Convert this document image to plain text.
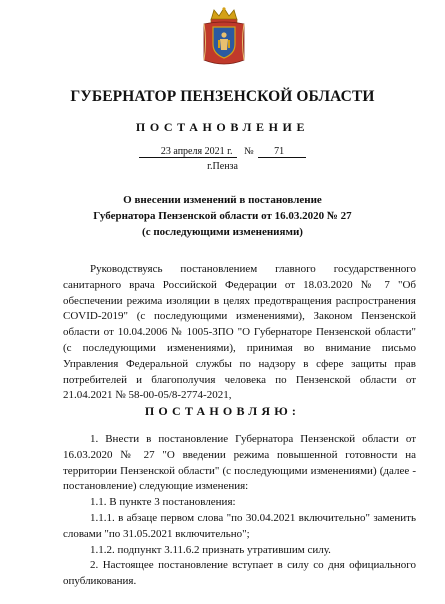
ГУБЕРНАТОР ПЕНЗЕНСКОЙ ОБЛАСТИ
ПОСТАНОВЛЕНИЕ
23 апреля 2021 г. № 71
г.Пенза
О внесении изменений в постановление
Губернатора Пензенской области от 16.03.2020 № 27
(с последующими изменениями)

Руководствуясь постановлением главного государственного санитарного врача Российской Федерации от 18.03.2020 № 7 "Об обеспечении режима изоляции в целях предотвращения распространения COVID-2019" (с последующими изменениями), Законом Пензенской области от 10.04.2006 № 1005-ЗПО "О Губернаторе Пензенской области" (с последующими изменениями), принимая во внимание письмо Управления Федеральной службы по надзору в сфере защиты прав потребителей и благополучия человека по Пензенской области от 21.04.2021 № 58-00-05/8-2774-2021,

ПОСТАНОВЛЯЮ:

1. Внести в постановление Губернатора Пензенской области от 16.03.2020 № 27 "О введении режима повышенной готовности на территории Пензенской области" (с последующими изменениями) (далее - постановление) следующие изменения:

1.1. В пункте 3 постановления:

1.1.1. в абзаце первом слова "по 30.04.2021 включительно" заменить словами "по 31.05.2021 включительно";

1.1.2. подпункт 3.11.6.2 признать утратившим силу.

2. Настоящее постановление вступает в силу со дня официального опубликования.
